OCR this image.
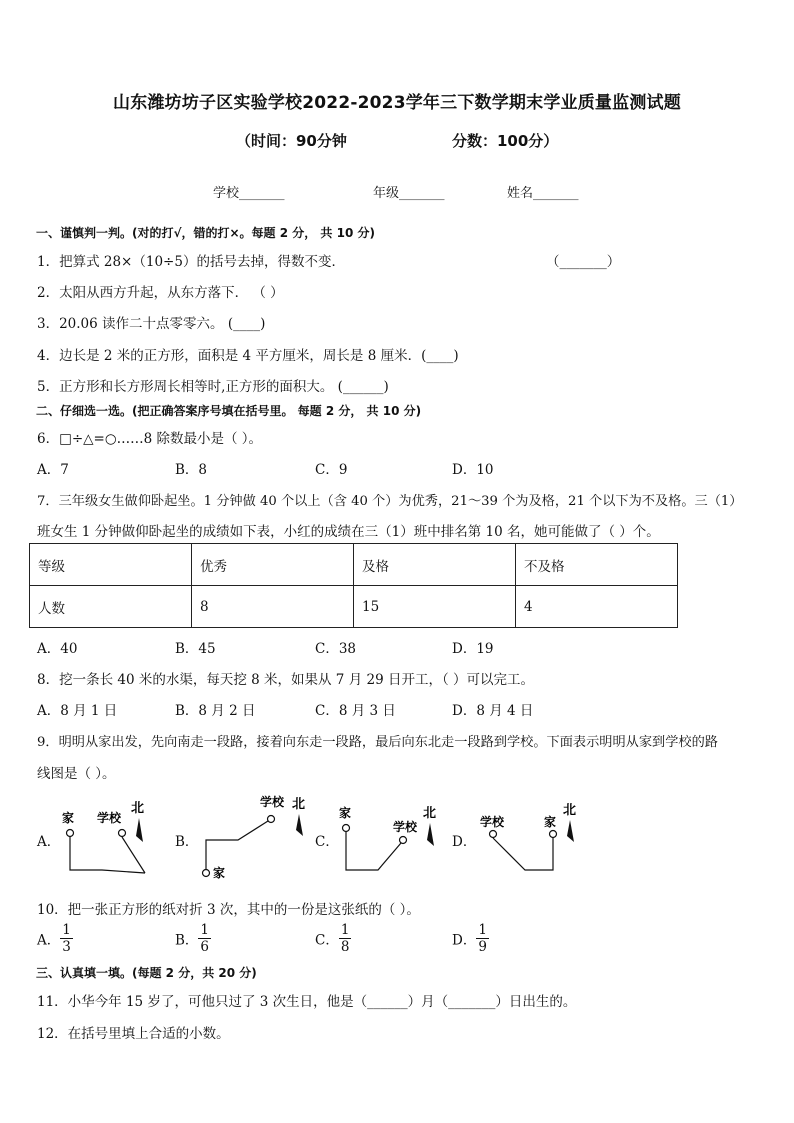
山东潍坊坊子区实验学校2022-2023学年三下数学期末学业质量监测试题
（时间：90分钟	分数：100分）
学校_______	年级_______	姓名_______
一、谨慎判一判。(对的打√，错的打×。每题 2 分， 共 10 分)
1．把算式 28×（10÷5）的括号去掉，得数不变．	（_______）
2．太阳从西方升起，从东方落下． （ ）
3．20.06 读作二十点零零六。 (____)
4．边长是 2 米的正方形，面积是 4 平方厘米，周长是 8 厘米．(____)
5．正方形和长方形周长相等时,正方形的面积大。 (______)
二、仔细选一选。(把正确答案序号填在括号里。 每题 2 分， 共 10 分)
6．□÷△=○……8 除数最小是（ ）。
A．7	B．8	C．9	D．10
7．三年级女生做仰卧起坐。1 分钟做 40 个以上（含 40 个）为优秀，21～39 个为及格，21 个以下为不及格。三（1）
班女生 1 分钟做仰卧起坐的成绩如下表，小红的成绩在三（1）班中排名第 10 名，她可能做了（ ）个。
等级	优秀	及格	不及格
人数	8	15	4
A．40	B．45	C．38	D．19
8．挖一条长 40 米的水渠，每天挖 8 米，如果从 7 月 29 日开工，（ ）可以完工。
A．8 月 1 日	B．8 月 2 日	C．8 月 3 日	D．8 月 4 日
9．明明从家出发，先向南走一段路，接着向东走一段路，最后向东北走一段路到学校。下面表示明明从家到学校的路
线图是（ ）。
A．	B．	C．	D．
家 学校
北	学校
家
北
家
学校
北
学校	家
北
10．把一张正方形的纸对折 3 次，其中的一份是这张纸的（ ）。
A． $\frac{1}{3}$	B． $\frac{1}{6}$	C． $\frac{1}{8}$	D． $\frac{1}{9}$
三、认真填一填。(每题 2 分，共 20 分)
11．小华今年 15 岁了，可他只过了 3 次生日，他是（______）月（_______）日出生的。
12．在括号里填上合适的小数。
